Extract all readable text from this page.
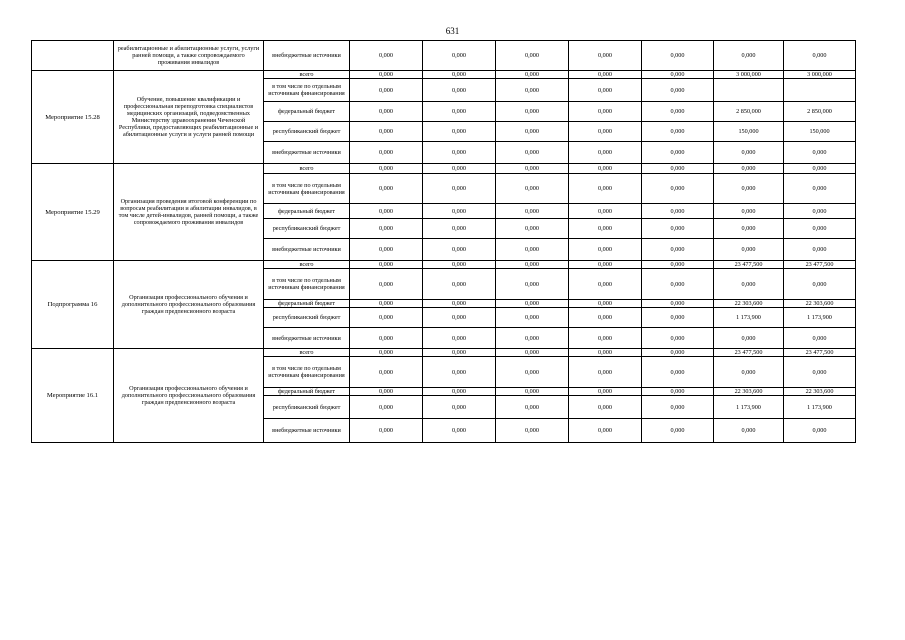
631
	реабилитационные и абилитационные услуги, услуги ранней помощи, а также сопровождаемого проживания инвалидов	внебюджетные источники	0,000	0,000	0,000	0,000	0,000	0,000	0,000
Мероприятие 15.28	Обучение, повышение квалификации и профессиональная переподготовка специалистов медицинских организаций, подведомственных Министерству здравоохранения Чеченской Республики, предоставляющих реабилитационные и абилитационные услуги и услуги ранней помощи	всего	0,000	0,000	0,000	0,000	0,000	3 000,000	3 000,000
		в том числе по отдельным источникам финансирования	0,000	0,000	0,000	0,000	0,000		
		федеральный бюджет	0,000	0,000	0,000	0,000	0,000	2 850,000	2 850,000
		республиканский бюджет	0,000	0,000	0,000	0,000	0,000	150,000	150,000
		внебюджетные источники	0,000	0,000	0,000	0,000	0,000	0,000	0,000
Мероприятие 15.29	Организация проведения итоговой конференции по вопросам реабилитации и абилитации инвалидов, в том числе детей-инвалидов, ранней помощи, а также сопровождаемого проживания инвалидов	всего	0,000	0,000	0,000	0,000	0,000	0,000	0,000
		в том числе по отдельным источникам финансирования	0,000	0,000	0,000	0,000	0,000	0,000	0,000
		федеральный бюджет	0,000	0,000	0,000	0,000	0,000	0,000	0,000
		республиканский бюджет	0,000	0,000	0,000	0,000	0,000	0,000	0,000
		внебюджетные источники	0,000	0,000	0,000	0,000	0,000	0,000	0,000
Подпрограмма 16	Организация профессионального обучения и дополнительного профессионального образования граждан предпенсионного возраста	всего	0,000	0,000	0,000	0,000	0,000	23 477,500	23 477,500
		в том числе по отдельным источникам финансирования	0,000	0,000	0,000	0,000	0,000	0,000	0,000
		федеральный бюджет	0,000	0,000	0,000	0,000	0,000	22 303,600	22 303,600
		республиканский бюджет	0,000	0,000	0,000	0,000	0,000	1 173,900	1 173,900
		внебюджетные источники	0,000	0,000	0,000	0,000	0,000	0,000	0,000
Мероприятие 16.1	Организация профессионального обучения и дополнительного профессионального образования граждан предпенсионного возраста	всего	0,000	0,000	0,000	0,000	0,000	23 477,500	23 477,500
		в том числе по отдельным источникам финансирования	0,000	0,000	0,000	0,000	0,000	0,000	0,000
		федеральный бюджет	0,000	0,000	0,000	0,000	0,000	22 303,600	22 303,600
		республиканский бюджет	0,000	0,000	0,000	0,000	0,000	1 173,900	1 173,900
		внебюджетные источники	0,000	0,000	0,000	0,000	0,000	0,000	0,000
